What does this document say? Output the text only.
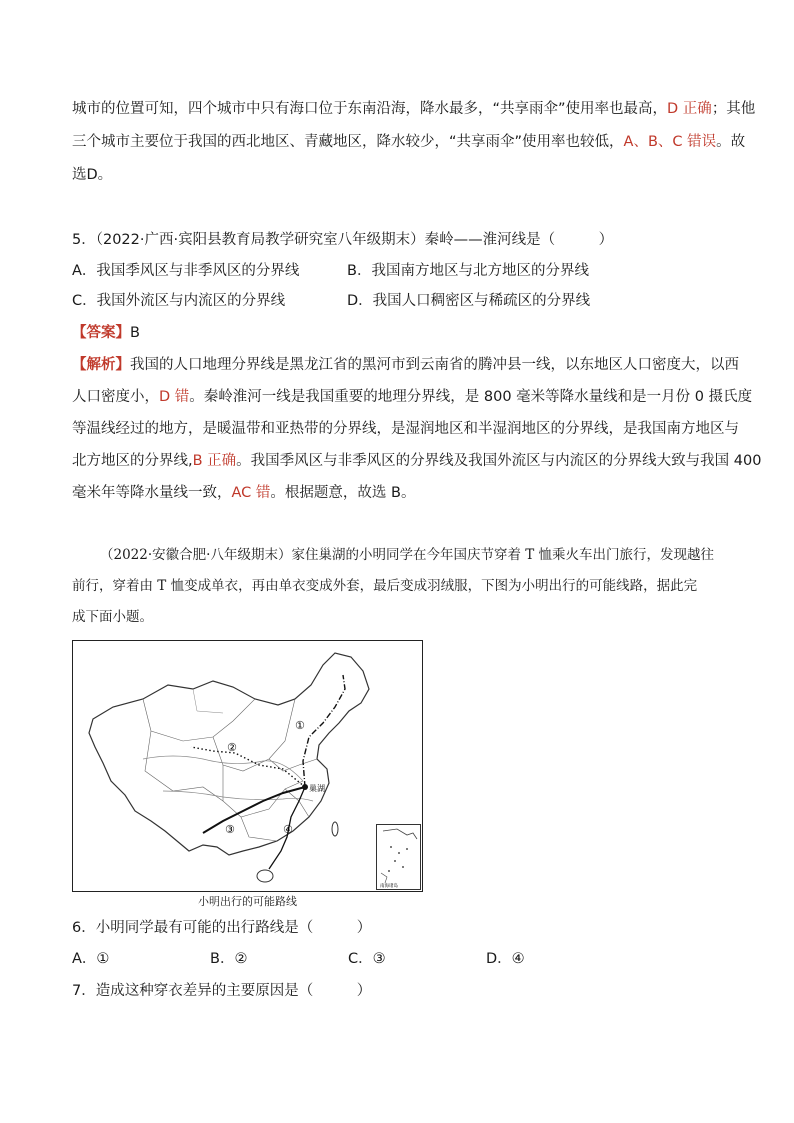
城市的位置可知，四个城市中只有海口位于东南沿海，降水最多，“共享雨伞”使用率也最高，D 正确；其他
三个城市主要位于我国的西北地区、青藏地区，降水较少，“共享雨伞”使用率也较低，A、B、C 错误。故
选D。
5．（2022·广西·宾阳县教育局教学研究室八年级期末）秦岭——淮河线是（　　　）
A．我国季风区与非季风区的分界线	B．我国南方地区与北方地区的分界线
C．我国外流区与内流区的分界线	D．我国人口稠密区与稀疏区的分界线
【答案】B
【解析】我国的人口地理分界线是黑龙江省的黑河市到云南省的腾冲县一线，以东地区人口密度大，以西
人口密度小，D 错。秦岭淮河一线是我国重要的地理分界线，是 800 毫米等降水量线和是一月份 0 摄氏度
等温线经过的地方，是暖温带和亚热带的分界线，是湿润地区和半湿润地区的分界线，是我国南方地区与
北方地区的分界线,B 正确。我国季风区与非季风区的分界线及我国外流区与内流区的分界线大致与我国 400
毫米年等降水量线一致，AC 错。根据题意，故选 B。
（2022·安徽合肥·八年级期末）家住巢湖的小明同学在今年国庆节穿着 T 恤乘火车出门旅行，发现越往
前行，穿着由 T 恤变成单衣，再由单衣变成外套，最后变成羽绒服，下图为小明出行的可能线路，据此完
成下面小题。
巢湖
①
②
③	④
南海诸岛
小明出行的可能路线
6．小明同学最有可能的出行路线是（　　　）
A．①	B．②	C．③	D．④
7．造成这种穿衣差异的主要原因是（　　　）
